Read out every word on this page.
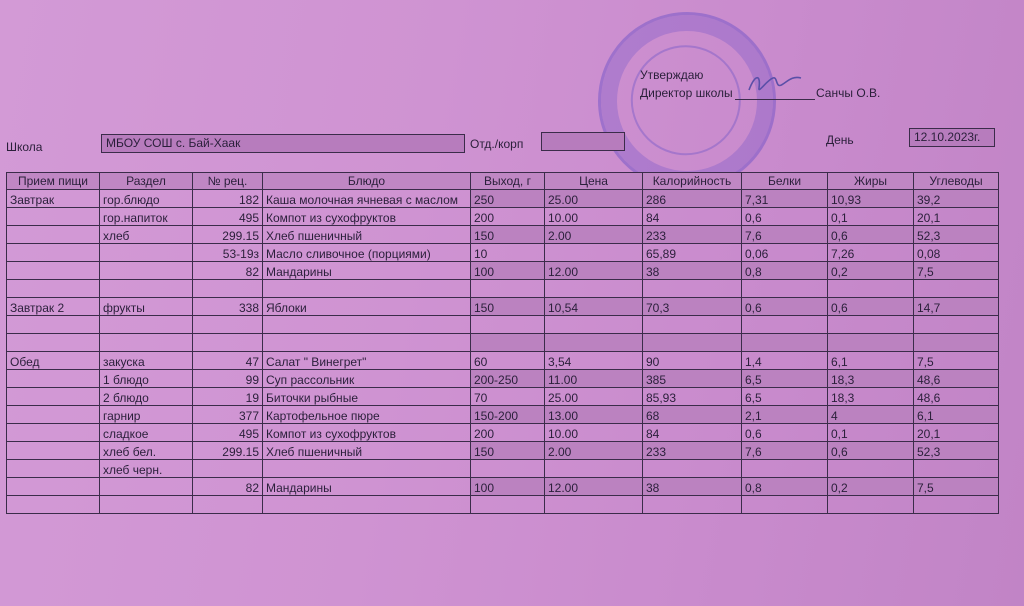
Утверждаю
Директор школы	Санчы О.В.
Школа	МБОУ СОШ с. Бай-Хаак	Отд./корп	День	12.10.2023г.
Прием пищи	Раздел	№ рец.	Блюдо	Выход, г	Цена	Калорийность	Белки	Жиры	Углеводы
Завтрак	гор.блюдо	182	Каша молочная ячневая с маслом	250	25.00	286	7,31	10,93	39,2
	гор.напиток	495	Компот из сухофруктов	200	10.00	84	0,6	0,1	20,1
	хлеб	299.15	Хлеб пшеничный	150	2.00	233	7,6	0,6	52,3
		53-19з	Масло сливочное (порциями)	10		65,89	0,06	7,26	0,08
		82	Мандарины	100	12.00	38	0,8	0,2	7,5

Завтрак 2	фрукты	338	Яблоки	150	10,54	70,3	0,6	0,6	14,7

Обед	закуска	47	Салат " Винегрет"	60	3,54	90	1,4	6,1	7,5
	1 блюдо	99	Суп рассольник	200-250	11.00	385	6,5	18,3	48,6
	2 блюдо	19	Биточки рыбные	70	25.00	85,93	6,5	18,3	48,6
	гарнир	377	Картофельное пюре	150-200	13.00	68	2,1	4	6,1
	сладкое	495	Компот из сухофруктов	200	10.00	84	0,6	0,1	20,1
	хлеб бел.	299.15	Хлеб пшеничный	150	2.00	233	7,6	0,6	52,3
	хлеб черн.								
		82	Мандарины	100	12.00	38	0,8	0,2	7,5
